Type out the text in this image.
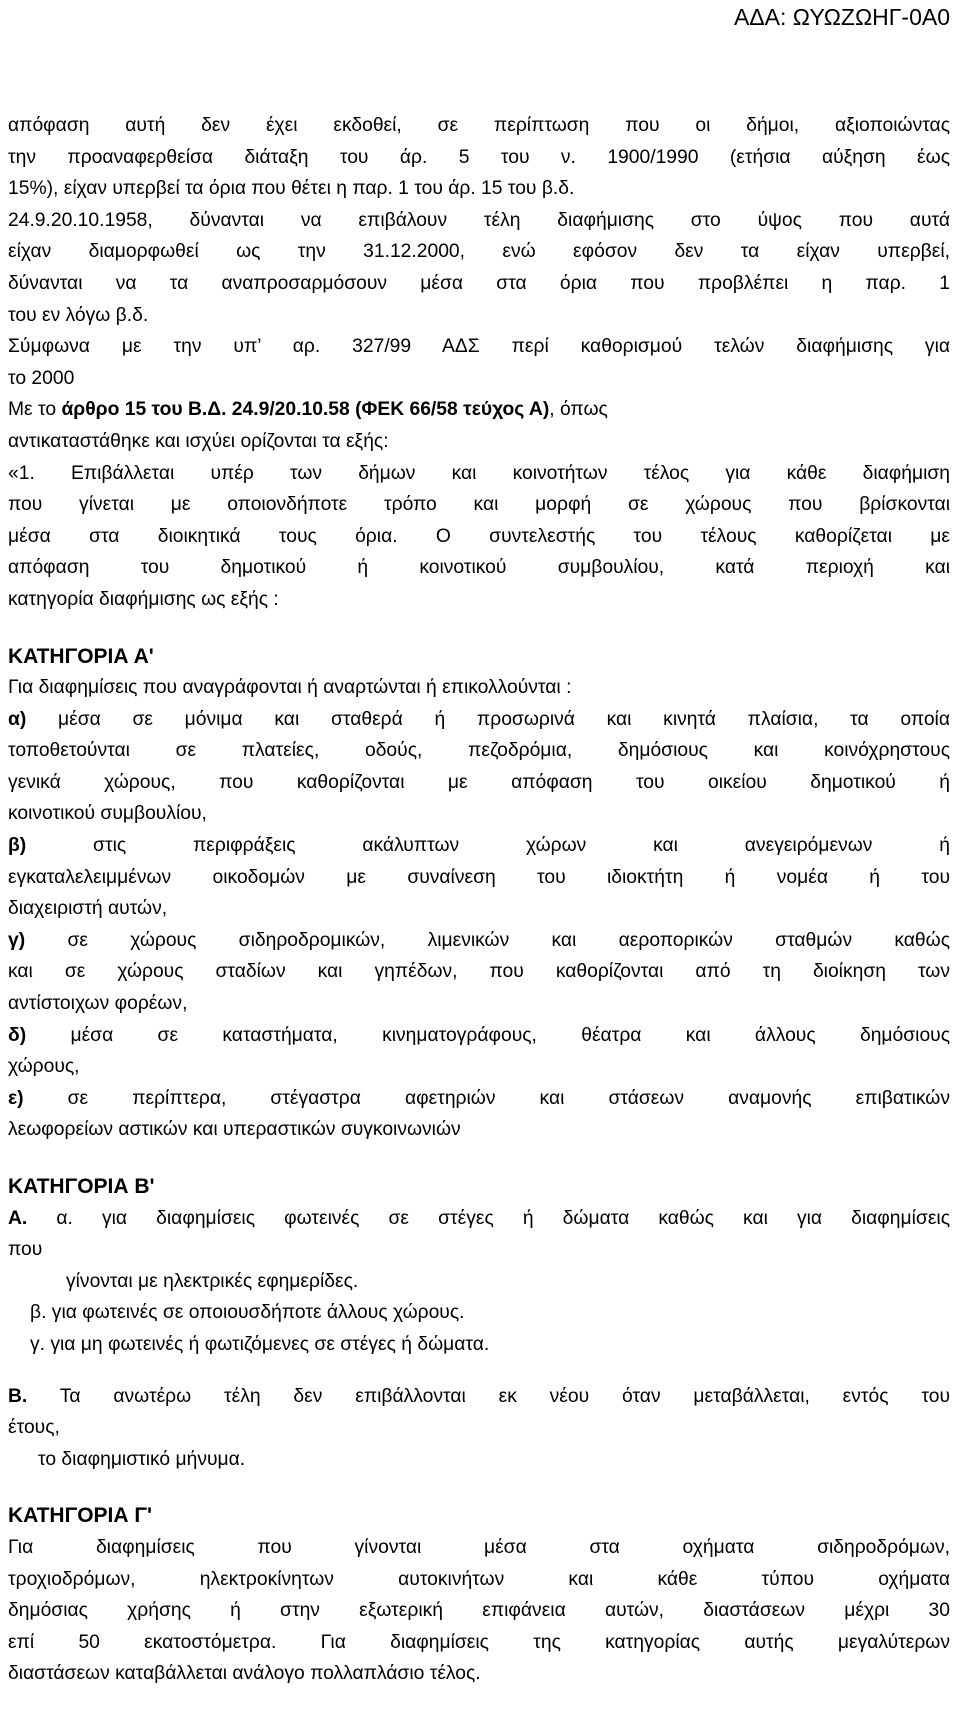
ΑΔΑ: ΩΥΩΖΩΗΓ-0Α0

απόφαση αυτή δεν έχει εκδοθεί, σε περίπτωση που οι δήμοι, αξιοποιώντας

την προαναφερθείσα διάταξη του άρ. 5 του ν. 1900/1990 (ετήσια αύξηση έως

15%), είχαν υπερβεί τα όρια που θέτει η παρ. 1 του άρ. 15 του β.δ.

24.9.20.10.1958, δύνανται να επιβάλουν τέλη διαφήμισης στο ύψος που αυτά

είχαν διαμορφωθεί ως την 31.12.2000, ενώ εφόσον δεν τα είχαν υπερβεί,

δύνανται να τα αναπροσαρμόσουν μέσα στα όρια που προβλέπει η παρ. 1

του εν λόγω β.δ.

Σύμφωνα με την υπ’ αρ. 327/99 ΑΔΣ περί καθορισμού τελών διαφήμισης για

το 2000

Με το άρθρο 15 του Β.Δ. 24.9/20.10.58 (ΦΕΚ 66/58 τεύχος Α), όπως

αντικαταστάθηκε και ισχύει ορίζονται τα εξής:

«1. Επιβάλλεται υπέρ των δήμων και κοινοτήτων τέλος για κάθε διαφήμιση

που γίνεται με οποιονδήποτε τρόπο και μορφή σε χώρους που βρίσκονται

μέσα στα διοικητικά τους όρια. Ο συντελεστής του τέλους καθορίζεται με

απόφαση του δημοτικού ή κοινοτικού συμβουλίου, κατά περιοχή και

κατηγορία διαφήμισης ως εξής :

ΚΑΤΗΓΟΡΙΑ Α'

Για διαφημίσεις που αναγράφονται ή αναρτώνται ή επικολλούνται :

α) μέσα σε μόνιμα και σταθερά ή προσωρινά και κινητά πλαίσια, τα οποία

τοποθετούνται σε πλατείες, οδούς, πεζοδρόμια, δημόσιους και κοινόχρηστους

γενικά χώρους, που καθορίζονται με απόφαση του οικείου δημοτικού ή

κοινοτικού συμβουλίου,

β)	στις περιφράξεις ακάλυπτων χώρων και ανεγειρόμενων ή

εγκαταλελειμμένων οικοδομών με συναίνεση του ιδιοκτήτη ή νομέα ή του

διαχειριστή αυτών,

γ) σε χώρους σιδηροδρομικών, λιμενικών και αεροπορικών σταθμών καθώς

και σε χώρους σταδίων και γηπέδων, που καθορίζονται από τη διοίκηση των

αντίστοιχων φορέων,

δ) μέσα σε καταστήματα, κινηματογράφους, θέατρα και άλλους δημόσιους

χώρους,

ε) σε περίπτερα, στέγαστρα αφετηριών και στάσεων αναμονής επιβατικών

λεωφορείων αστικών και υπεραστικών συγκοινωνιών

ΚΑΤΗΓΟΡΙΑ Β'

Α. α. για διαφημίσεις φωτεινές σε στέγες ή δώματα καθώς και για διαφημίσεις

που

γίνονται με ηλεκτρικές εφημερίδες.

β. για φωτεινές σε οποιουσδήποτε άλλους χώρους.

γ. για μη φωτεινές ή φωτιζόμενες σε στέγες ή δώματα.

Β. Τα ανωτέρω τέλη δεν επιβάλλονται εκ νέου όταν μεταβάλλεται, εντός του

έτους,

το διαφημιστικό μήνυμα.

ΚΑΤΗΓΟΡΙΑ Γ'

Για διαφημίσεις που γίνονται μέσα στα οχήματα σιδηροδρόμων,

τροχιοδρόμων, ηλεκτροκίνητων αυτοκινήτων και κάθε τύπου οχήματα

δημόσιας χρήσης ή στην εξωτερική επιφάνεια αυτών, διαστάσεων μέχρι 30

επί 50 εκατοστόμετρα. Για διαφημίσεις της κατηγορίας αυτής μεγαλύτερων

διαστάσεων καταβάλλεται ανάλογο πολλαπλάσιο τέλος.
